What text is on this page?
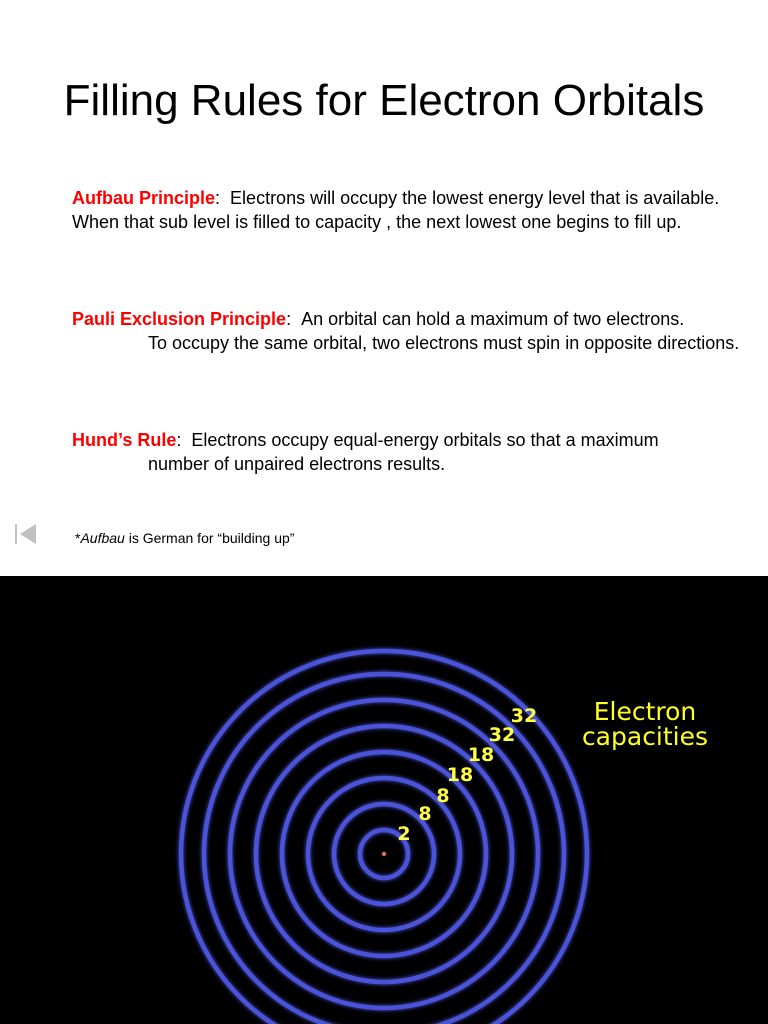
Filling Rules for Electron Orbitals
Aufbau Principle: Electrons will occupy the lowest energy level that is available. When that sub level is filled to capacity , the next lowest one begins to fill up.
Pauli Exclusion Principle: An orbital can hold a maximum of two electrons.
To occupy the same orbital, two electrons must spin in opposite directions.
Hund’s Rule: Electrons occupy equal-energy orbitals so that a maximum
number of unpaired electrons results.
*Aufbau is German for “building up”
2
8
8
18
18
32
32 Electron
capacities
